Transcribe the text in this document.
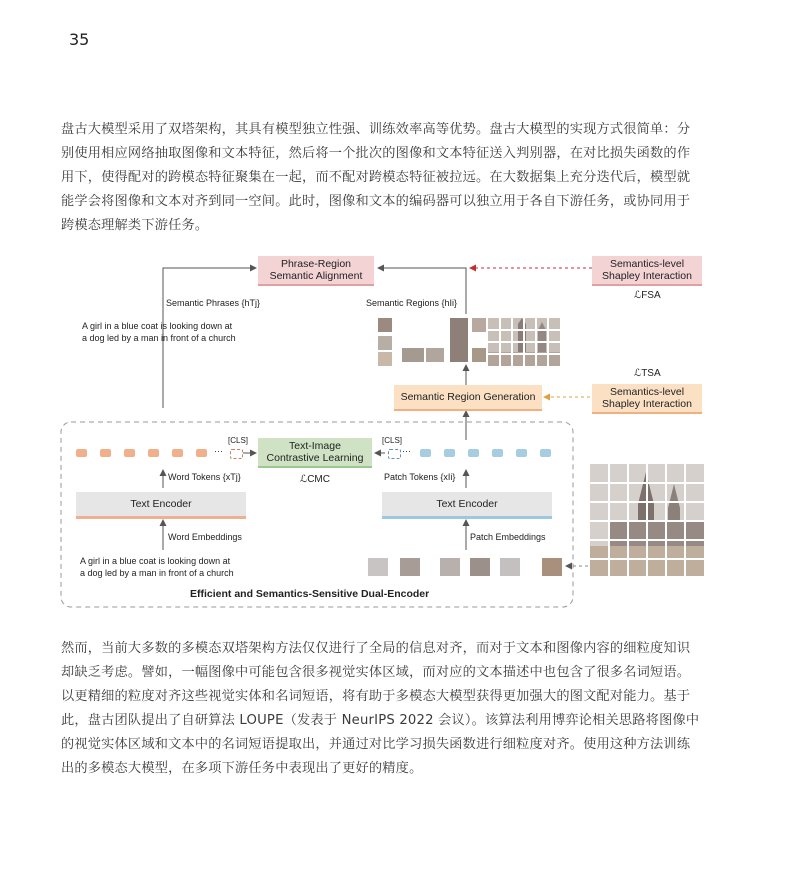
35

盘古大模型采用了双塔架构，其具有模型独立性强、训练效率高等优势。盘古大模型的实现方式很简单：分

别使用相应网络抽取图像和文本特征，然后将一个批次的图像和文本特征送入判别器，在对比损失函数的作

用下，使得配对的跨模态特征聚集在一起，而不配对跨模态特征被拉远。在大数据集上充分迭代后，模型就

能学会将图像和文本对齐到同一空间。此时，图像和文本的编码器可以独立用于各自下游任务，或协同用于

跨模态理解类下游任务。

Phrase-Region
Semantic Alignment
Semantics-level
Shapley Interaction
ℒFSA
Semantic Phrases {hTj}	Semantic Regions {hIi}
A girl in a blue coat is looking down at
a dog led by a man in front of a church
ℒTSA
Semantic Region Generation	Semantics-level
Shapley Interaction
···
[CLS]	Text-Image
Contrastive Learning
ℒCMC
···
[CLS]
Word Tokens {xTj}	Patch Tokens {xIi}
Text Encoder	Text Encoder
Word Embeddings	Patch Embeddings
A girl in a blue coat is looking down at
a dog led by a man in front of a church
Efficient and Semantics-Sensitive Dual-Encoder

然而，当前大多数的多模态双塔架构方法仅仅进行了全局的信息对齐，而对于文本和图像内容的细粒度知识

却缺乏考虑。譬如，一幅图像中可能包含很多视觉实体区域，而对应的文本描述中也包含了很多名词短语。

以更精细的粒度对齐这些视觉实体和名词短语，将有助于多模态大模型获得更加强大的图文配对能力。基于

此，盘古团队提出了自研算法 LOUPE（发表于 NeurIPS 2022 会议）。该算法利用博弈论相关思路将图像中

的视觉实体区域和文本中的名词短语提取出，并通过对比学习损失函数进行细粒度对齐。使用这种方法训练

出的多模态大模型，在多项下游任务中表现出了更好的精度。
